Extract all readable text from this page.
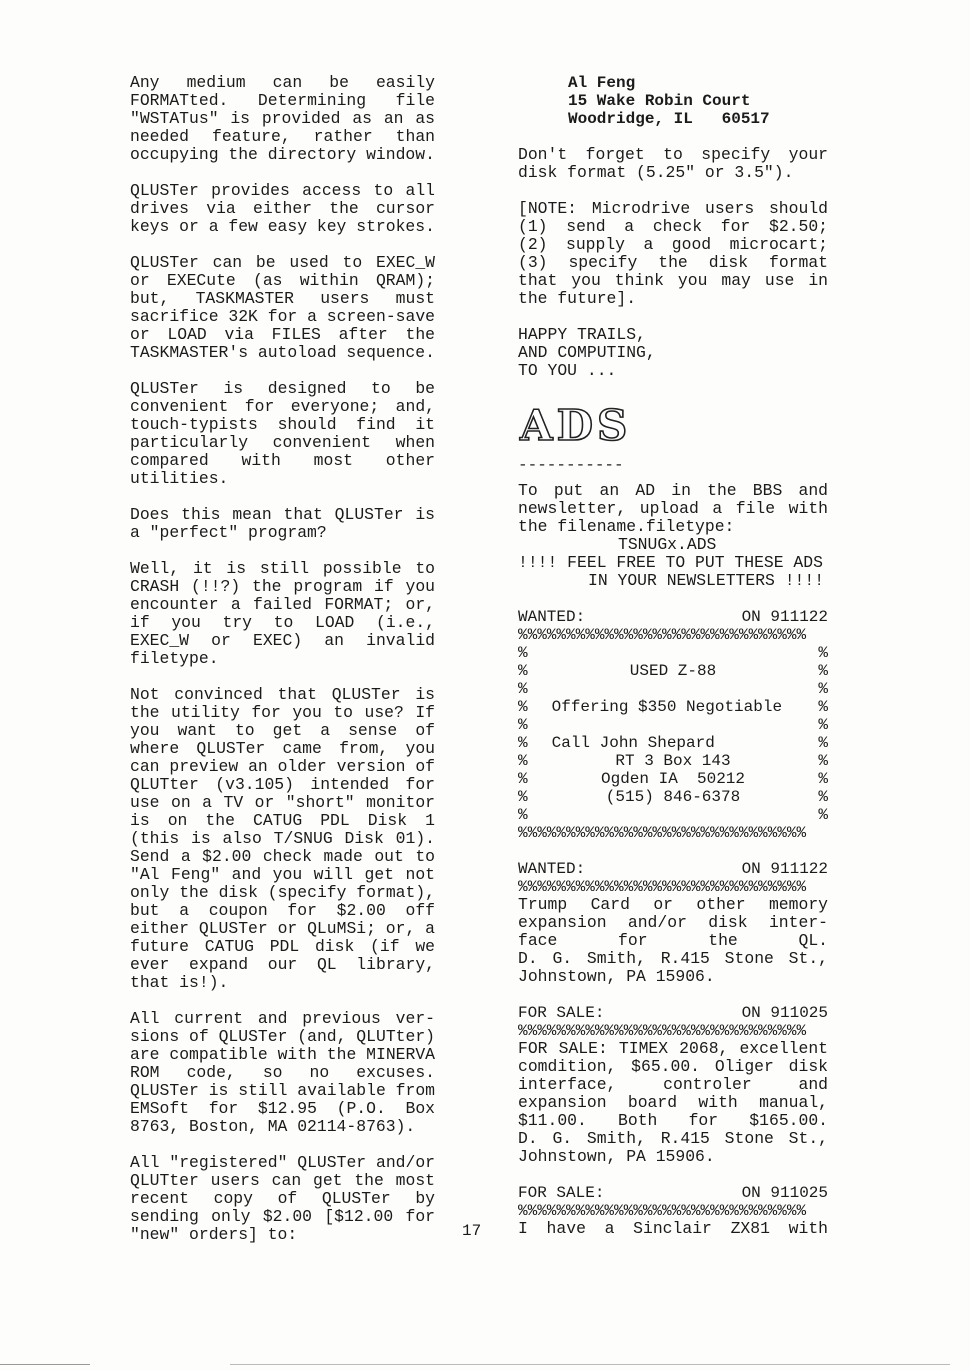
Any medium can be easily
FORMATted. Determining file
"WSTATus" is provided as an as
needed feature, rather than
occupying the directory window.
QLUSTer provides access to all
drives via either the cursor
keys or a few easy key strokes.
QLUSTer can be used to EXEC_W
or EXECute (as within QRAM);
but, TASKMASTER users must
sacrifice 32K for a screen-save
or LOAD via FILES after the
TASKMASTER's autoload sequence.
QLUSTer is designed to be
convenient for everyone; and,
touch-typists should find it
particularly convenient when
compared with most other
utilities.
Does this mean that QLUSTer is
a "perfect" program?
Well, it is still possible to
CRASH (!!?) the program if you
encounter a failed FORMAT; or,
if you try to LOAD (i.e.,
EXEC_W or EXEC) an invalid
filetype.
Not convinced that QLUSTer is
the utility for you to use? If
you want to get a sense of
where QLUSTer came from, you
can preview an older version of
QLUTter (v3.105) intended for
use on a TV or "short" monitor
is on the CATUG PDL Disk 1
(this is also T/SNUG Disk 01).
Send a $2.00 check made out to
"Al Feng" and you will get not
only the disk (specify format),
but a coupon for $2.00 off
either QLUSTer or QLuMSi; or, a
future CATUG PDL disk (if we
ever expand our QL library,
that is!).
All current and previous ver-
sions of QLUSTer (and, QLUTter)
are compatible with the MINERVA
ROM code, so no excuses.
QLUSTer is still available from
EMSoft for $12.95 (P.O. Box
8763, Boston, MA 02114-8763).
All "registered" QLUSTer and/or
QLUTter users can get the most
recent copy of QLUSTer by
sending only $2.00 [$12.00 for
"new" orders] to:
Al Feng
15 Wake Robin Court
Woodridge, IL   60517
Don't forget to specify your
disk format (5.25" or 3.5").
[NOTE: Microdrive users should
(1) send a check for $2.50;
(2) supply a good microcart;
(3) specify the disk format
that you think you may use in
the future].
HAPPY TRAILS,
AND COMPUTING,
TO YOU ...
ADS
-----------
To put an AD in the BBS and
newsletter, upload a file with
the filename.filetype:
TSNUGx.ADS
!!!! FEEL FREE TO PUT THESE ADS
IN YOUR NEWSLETTERS !!!!
WANTED:	ON 911122
%%%%%%%%%%%%%%%%%%%%%%%%%%%%%%
%	%
%	USED Z-88	%
%	%
%	Offering $350 Negotiable	%
%	%
%	Call John Shepard	%
%	RT 3 Box 143	%
%	Ogden IA  50212	%
%	(515) 846-6378	%
%	%
%%%%%%%%%%%%%%%%%%%%%%%%%%%%%%
WANTED:	ON 911122
%%%%%%%%%%%%%%%%%%%%%%%%%%%%%%
Trump Card or other memory
expansion and/or disk inter-
face for the QL.
D. G. Smith, R.415 Stone St.,
Johnstown, PA 15906.
FOR SALE:	ON 911025
%%%%%%%%%%%%%%%%%%%%%%%%%%%%%%
FOR SALE: TIMEX 2068, excellent
comdition, $65.00. Oliger disk
interface, controler and
expansion board with manual,
$11.00. Both for $165.00.
D. G. Smith, R.415 Stone St.,
Johnstown, PA 15906.
FOR SALE:	ON 911025
%%%%%%%%%%%%%%%%%%%%%%%%%%%%%%
I have a Sinclair ZX81 with
17
